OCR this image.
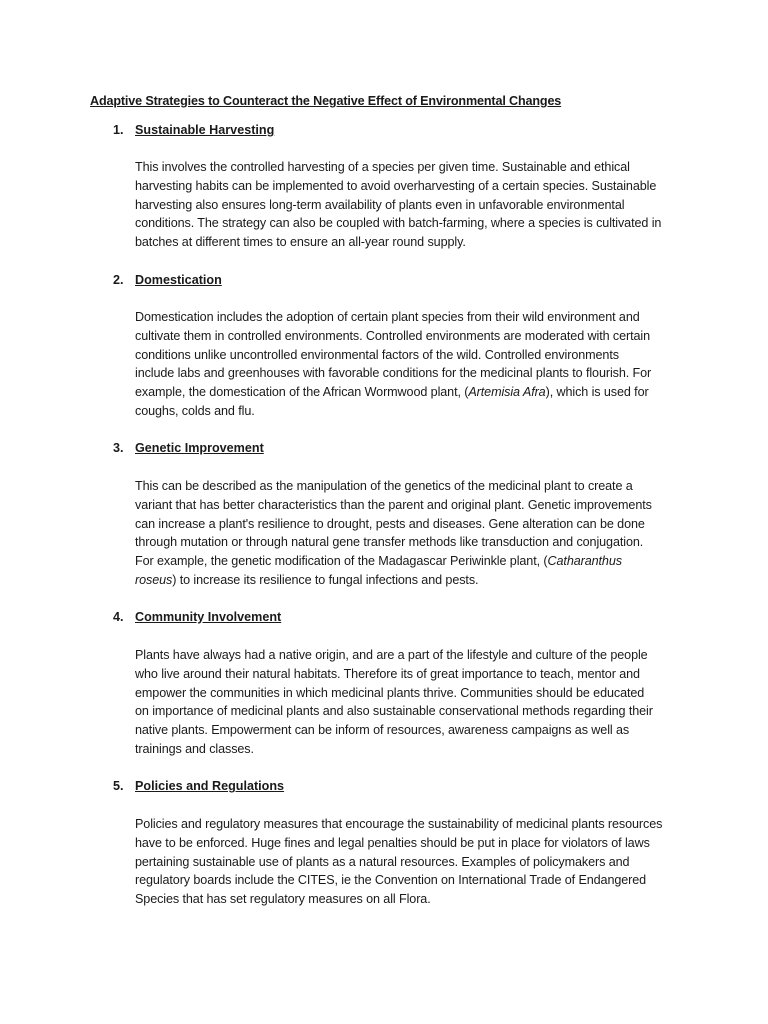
Adaptive Strategies to Counteract the Negative Effect of Environmental Changes
1. Sustainable Harvesting
This involves the controlled harvesting of a species per given time. Sustainable and ethical
harvesting habits can be implemented to avoid overharvesting of a certain species. Sustainable
harvesting also ensures long-term availability of plants even in unfavorable environmental
conditions. The strategy can also be coupled with batch-farming, where a species is cultivated in
batches at different times to ensure an all-year round supply.
2. Domestication
Domestication includes the adoption of certain plant species from their wild environment and
cultivate them in controlled environments. Controlled environments are moderated with certain
conditions unlike uncontrolled environmental factors of the wild. Controlled environments
include labs and greenhouses with favorable conditions for the medicinal plants to flourish. For
example, the domestication of the African Wormwood plant, (Artemisia Afra), which is used for
coughs, colds and flu.
3. Genetic Improvement
This can be described as the manipulation of the genetics of the medicinal plant to create a
variant that has better characteristics than the parent and original plant. Genetic improvements
can increase a plant's resilience to drought, pests and diseases. Gene alteration can be done
through mutation or through natural gene transfer methods like transduction and conjugation.
For example, the genetic modification of the Madagascar Periwinkle plant, (Catharanthus
roseus) to increase its resilience to fungal infections and pests.
4. Community Involvement
Plants have always had a native origin, and are a part of the lifestyle and culture of the people
who live around their natural habitats. Therefore its of great importance to teach, mentor and
empower the communities in which medicinal plants thrive. Communities should be educated
on importance of medicinal plants and also sustainable conservational methods regarding their
native plants. Empowerment can be inform of resources, awareness campaigns as well as
trainings and classes.
5. Policies and Regulations
Policies and regulatory measures that encourage the sustainability of medicinal plants resources
have to be enforced. Huge fines and legal penalties should be put in place for violators of laws
pertaining sustainable use of plants as a natural resources. Examples of policymakers and
regulatory boards include the CITES, ie the Convention on International Trade of Endangered
Species that has set regulatory measures on all Flora.
